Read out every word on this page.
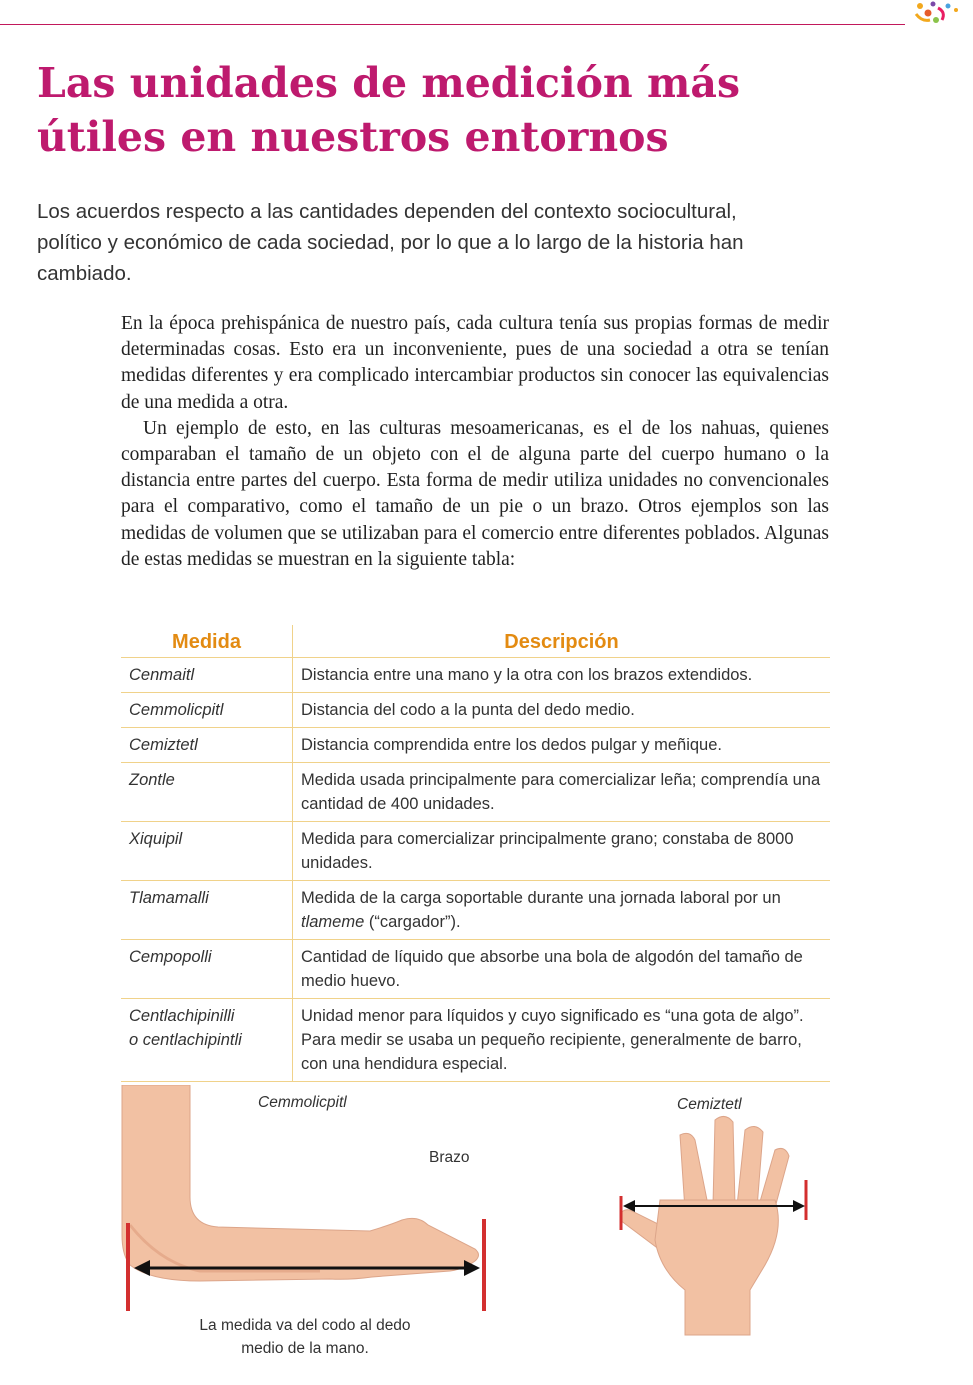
Las unidades de medición más
útiles en nuestros entornos

Los acuerdos respecto a las cantidades dependen del contexto sociocultural, político y económico de cada sociedad, por lo que a lo largo de la historia han cambiado.

En la época prehispánica de nuestro país, cada cultura tenía sus propias formas de medir determinadas cosas. Esto era un inconveniente, pues de una sociedad a otra se tenían medidas diferentes y era complicado intercambiar productos sin conocer las equivalencias de una medida a otra.

Un ejemplo de esto, en las culturas mesoamericanas, es el de los nahuas, quienes comparaban el tamaño de un objeto con el de alguna parte del cuerpo humano o la distancia entre partes del cuerpo. Esta forma de medir utiliza unidades no convencionales para el comparativo, como el tamaño de un pie o un brazo. Otros ejemplos son las medidas de volumen que se utilizaban para el comercio entre diferentes poblados. Algunas de estas medidas se muestran en la siguiente tabla:

Medida	Descripción
Cenmaitl	Distancia entre una mano y la otra con los brazos extendidos.
Cemmolicpitl	Distancia del codo a la punta del dedo medio.
Cemiztetl	Distancia comprendida entre los dedos pulgar y meñique.
Zontle	Medida usada principalmente para comercializar leña; comprendía una cantidad de 400 unidades.
Xiquipil	Medida para comercializar principalmente grano; constaba de 8000 unidades.
Tlamamalli	Medida de la carga soportable durante una jornada laboral por un tlameme (“cargador”).
Cempopolli	Cantidad de líquido que absorbe una bola de algodón del tamaño de medio huevo.
Centlachipinilli
o centlachipintli	Unidad menor para líquidos y cuyo significado es “una gota de algo”. Para medir se usaba un pequeño recipiente, generalmente de barro, con una hendidura especial.
Cemmolicpitl
Brazo
La medida va del codo al dedo
medio de la mano.
Cemiztetl
